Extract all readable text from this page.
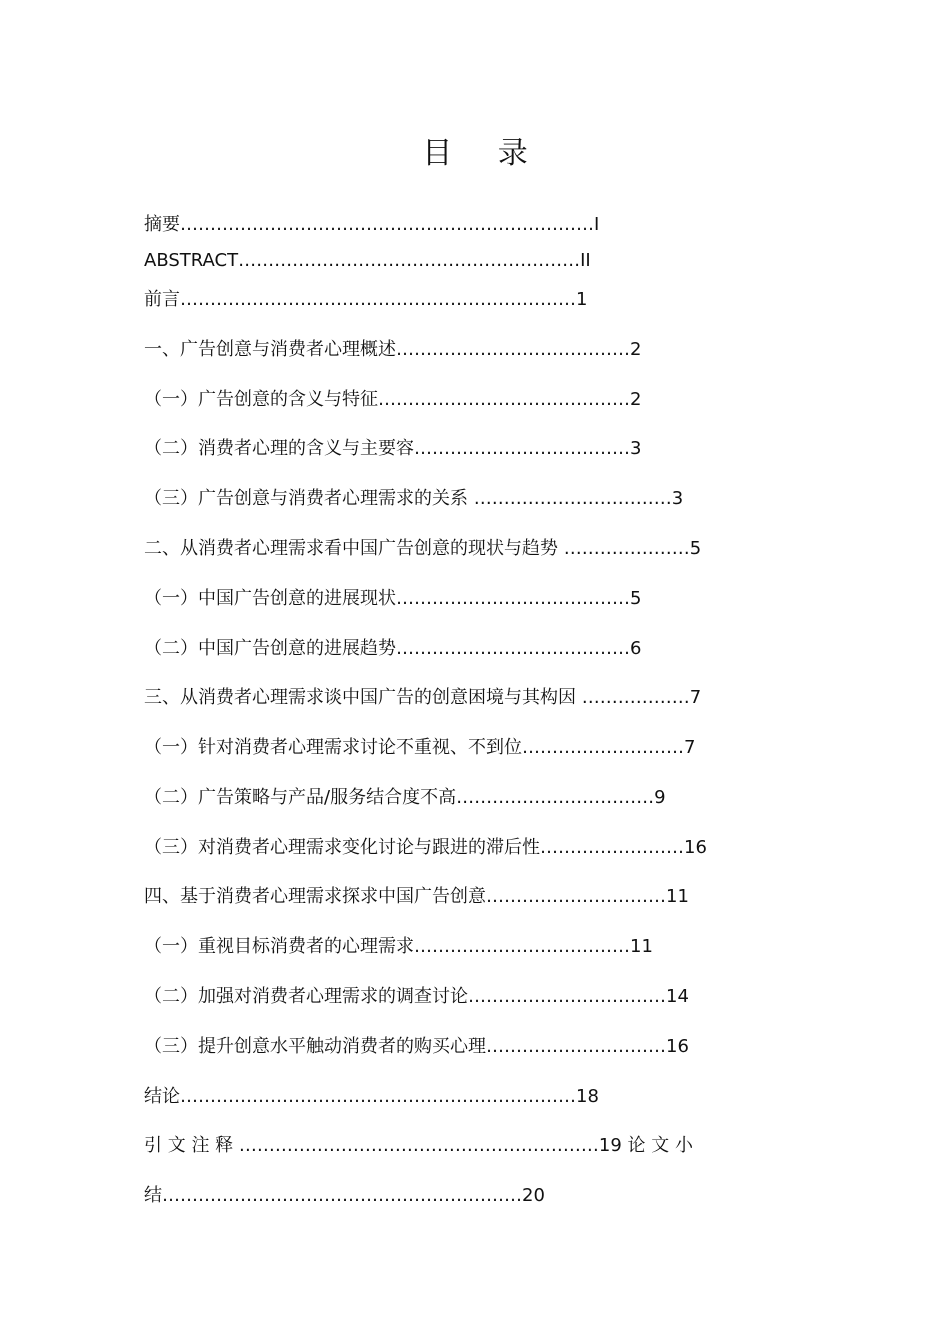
目 录
摘要……………………………………………………………I
ABSTRACT…………………………………………………II
前言…………………………………………………………1
一、广告创意与消费者心理概述…………………………………2
（一）广告创意的含义与特征……………………………………2
（二）消费者心理的含义与主要容………………………………3
（三）广告创意与消费者心理需求的关系 ……………………………3
二、从消费者心理需求看中国广告创意的现状与趋势 …………………5
（一）中国广告创意的进展现状…………………………………5
（二）中国广告创意的进展趋势…………………………………6
三、从消费者心理需求谈中国广告的创意困境与其构因 ………………7
（一）针对消费者心理需求讨论不重视、不到位………………………7
（二）广告策略与产品/服务结合度不高……………………………9
（三）对消费者心理需求变化讨论与跟进的滞后性……………………16
四、基于消费者心理需求探求中国广告创意…………………………11
（一）重视目标消费者的心理需求………………………………11
（二）加强对消费者心理需求的调查讨论……………………………14
（三）提升创意水平触动消费者的购买心理…………………………16
结论…………………………………………………………18
引 文 注 释 ……………………………………………………19 论 文 小
结……………………………………………………20
